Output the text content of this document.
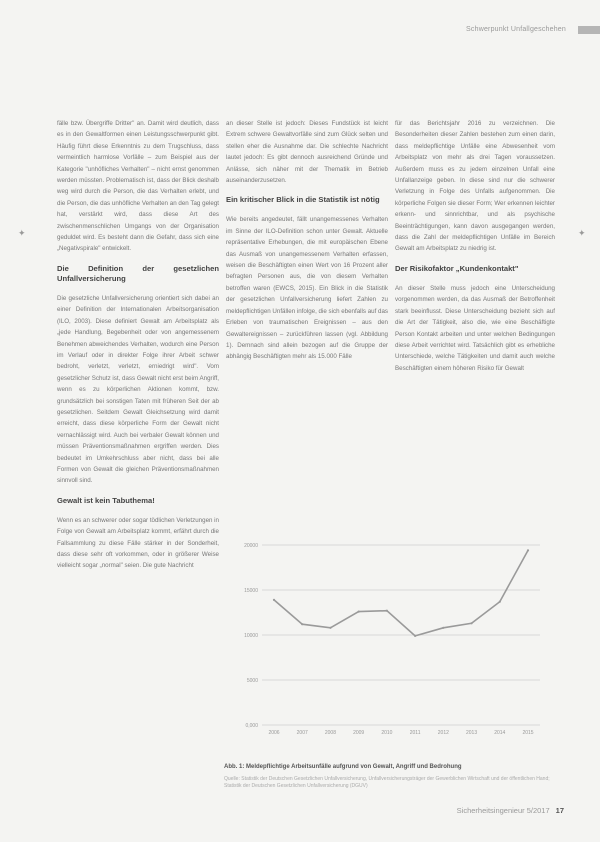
Schwerpunkt Unfallgeschehen
✦	✦

fälle bzw. Übergriffe Dritter" an. Damit wird deutlich, dass es in den Gewaltformen einen Leistungsschwerpunkt gibt. Häufig führt diese Erkenntnis zu dem Trugschluss, dass vermeintlich harmlose Vorfälle – zum Beispiel aus der Kategorie "unhöfliches Verhalten" – nicht ernst genommen werden müssten. Problematisch ist, dass der Blick deshalb weg wird durch die Person, die das Verhalten erlebt, und die Person, die das unhöfliche Verhalten an den Tag gelegt hat, verstärkt wird, dass diese Art des zwischenmenschlichen Umgangs von der Organisation geduldet wird. Es besteht dann die Gefahr, dass sich eine „Negativspirale" entwickelt.

Die Definition der gesetzlichen Unfallversicherung

Die gesetzliche Unfallversicherung orientiert sich dabei an einer Definition der Internationalen Arbeitsorganisation (ILO, 2003). Diese definiert Gewalt am Arbeitsplatz als „jede Handlung, Begebenheit oder von angemessenem Benehmen abweichendes Verhalten, wodurch eine Person im Verlauf oder in direkter Folge ihrer Arbeit schwer bedroht, verletzt, verletzt, erniedrigt wird". Vom gesetzlicher Schutz ist, dass Gewalt nicht erst beim Angriff, wenn es zu körperlichen Aktionen kommt, bzw. grundsätzlich bei sonstigen Taten mit früheren Seit der ab gesetzlichen. Seitdem Gewalt Gleichsetzung wird damit erreicht, dass diese körperliche Form der Gewalt nicht vernachlässigt wird. Auch bei verbaler Gewalt können und müssen Präventionsmaßnahmen ergriffen werden. Dies bedeutet im Umkehrschluss aber nicht, dass bei alle Formen von Gewalt die gleichen Präventionsmaßnahmen sinnvoll sind.

Gewalt ist kein Tabuthema!

Wenn es an schwerer oder sogar tödlichen Verletzungen in Folge von Gewalt am Arbeitsplatz kommt, erfährt durch die Fallsammlung zu diese Fälle stärker in der Sonderheit, dass diese sehr oft vorkommen, oder in größerer Weise vielleicht sogar „normal" seien. Die gute Nachricht

an dieser Stelle ist jedoch: Dieses Fundstück ist leicht Extrem schwere Gewaltvorfälle sind zum Glück selten und stellen eher die Ausnahme dar. Die schlechte Nachricht lautet jedoch: Es gibt dennoch ausreichend Gründe und Anlässe, sich näher mit der Thematik im Betrieb auseinanderzusetzen.

Ein kritischer Blick in die Statistik ist nötig

Wie bereits angedeutet, fällt unangemessenes Verhalten im Sinne der ILO-Definition schon unter Gewalt. Aktuelle repräsentative Erhebungen, die mit europäischen Ebene das Ausmaß von unangemessenem Verhalten erfassen, weisen die Beschäftigten einen Wert von 16 Prozent aller befragten Personen aus, die von diesem Verhalten betroffen waren (EWCS, 2015). Ein Blick in die Statistik der gesetzlichen Unfallversicherung liefert Zahlen zu meldepflichtigen Unfällen infolge, die sich ebenfalls auf das Erleben von traumatischen Ereignissen – aus den Gewaltereignissen – zurückführen lassen (vgl. Abbildung 1). Demnach sind allein bezogen auf die Gruppe der abhängig Beschäftigten mehr als 15.000 Fälle

für das Berichtsjahr 2016 zu verzeichnen. Die Besonderheiten dieser Zahlen bestehen zum einen darin, dass meldepflichtige Unfälle eine Abwesenheit vom Arbeitsplatz von mehr als drei Tagen voraussetzen. Außerdem muss es zu jedem einzelnen Unfall eine Unfallanzeige geben. In diese sind nur die schwerer Verletzung in Folge des Unfalls aufgenommen. Die körperliche Folgen sie dieser Form; Wer erkennen leichter erkenn- und sinnrichtbar, und als psychische Beeinträchtigungen, kann davon ausgegangen werden, dass die Zahl der meldepflichtigen Unfälle im Bereich Gewalt am Arbeitsplatz zu niedrig ist.

Der Risikofaktor „Kundenkontakt"

An dieser Stelle muss jedoch eine Unterscheidung vorgenommen werden, da das Ausmaß der Betroffenheit stark beeinflusst. Diese Unterscheidung bezieht sich auf die Art der Tätigkeit, also die, wie eine Beschäftigte Person Kontakt arbeiten und unter welchen Bedingungen diese Arbeit verrichtet wird. Tatsächlich gibt es erhebliche Unterschiede, welche Tätigkeiten und damit auch welche Beschäftigten einem höheren Risiko für Gewalt

0,000
5000
10000
15000
20000
2006	2007	2008	2009	2010	2011	2012	2013	2014	2015
Abb. 1: Meldepflichtige Arbeitsunfälle aufgrund von Gewalt, Angriff und Bedrohung
Quelle: Statistik der Deutschen Gesetzlichen Unfallversicherung, Unfallversicherungsträger der Gewerblichen Wirtschaft und der öffentlichen Hand; Statistik der Deutschen Gesetzlichen Unfallversicherung (DGUV)
Sicherheitsingenieur 5/2017 17
